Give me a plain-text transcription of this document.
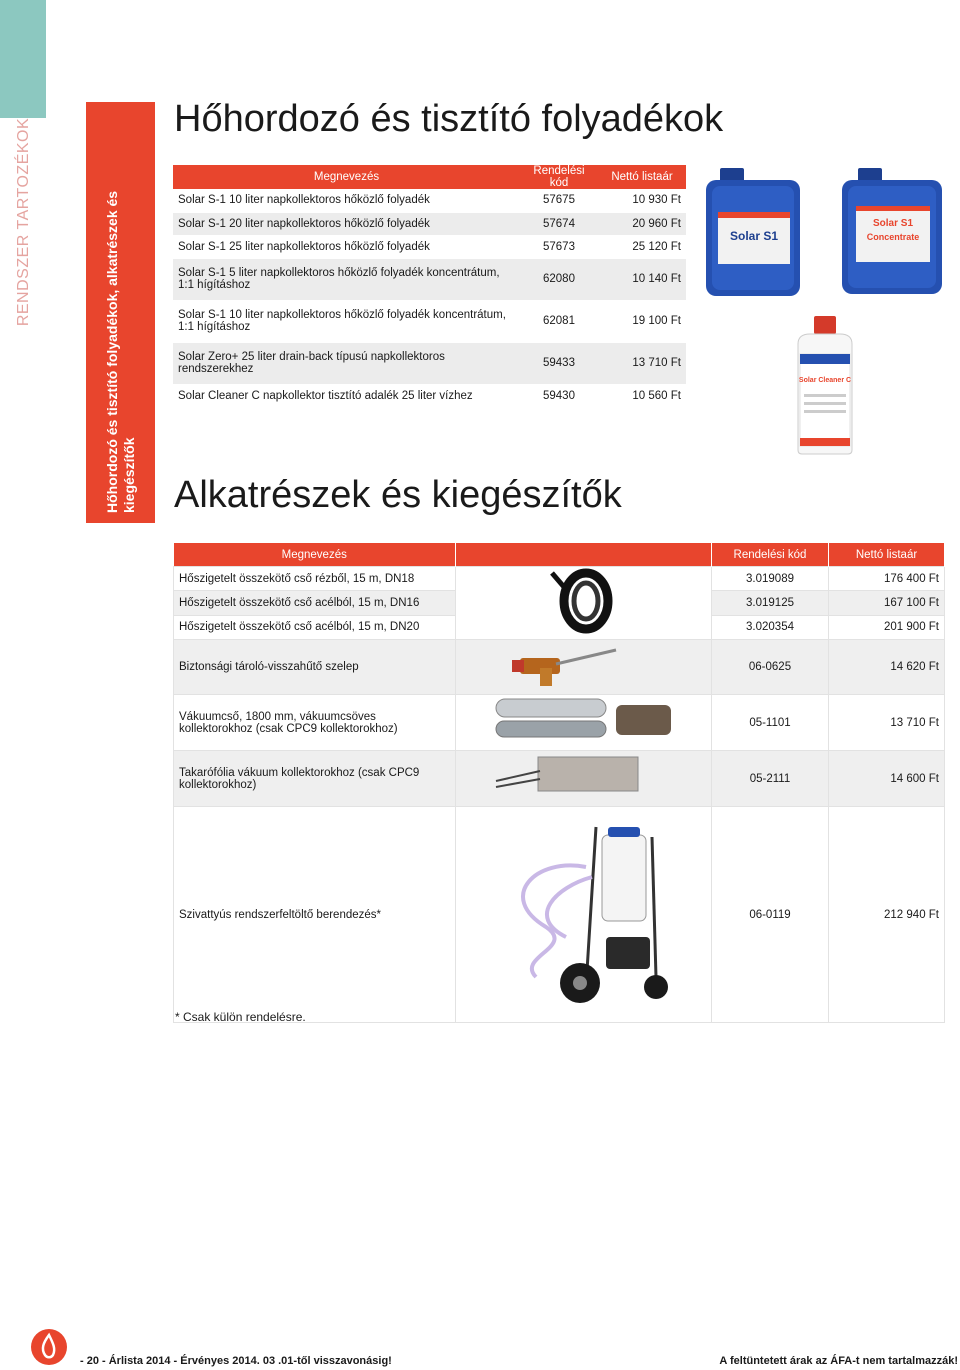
RENDSZER TARTOZÉKOK	Hőhordozó és tisztító folyadékok, alkatrészek és kiegészítők
Hőhordozó és tisztító folyadékok
Megnevezés	Rendelési kód	Nettó listaár
Solar S-1 10 liter napkollektoros hőközlő folyadék	57675	10 930 Ft
Solar S-1 20 liter napkollektoros hőközlő folyadék	57674	20 960 Ft
Solar S-1 25 liter napkollektoros hőközlő folyadék	57673	25 120 Ft
Solar S-1 5 liter napkollektoros hőközlő folyadék koncentrátum, 1:1 hígításhoz	62080	10 140 Ft
Solar S-1 10 liter napkollektoros hőközlő folyadék koncentrátum, 1:1 hígításhoz	62081	19 100 Ft
Solar Zero+ 25 liter drain-back típusú napkollektoros rendszerekhez	59433	13 710 Ft
Solar Cleaner C napkollektor tisztító adalék 25 liter vízhez	59430	10 560 Ft
Solar S1
Solar S1
Concentrate
Solar Cleaner C
Alkatrészek és kiegészítők
Megnevezés		Rendelési kód	Nettó listaár
Hőszigetelt összekötő cső rézből, 15 m, DN18		3.019089	176 400 Ft
Hőszigetelt összekötő cső acélból, 15 m, DN16		3.019125	167 100 Ft
Hőszigetelt összekötő cső acélból, 15 m, DN20		3.020354	201 900 Ft
Biztonsági tároló-visszahűtő szelep		06-0625	14 620 Ft
Vákuumcső, 1800 mm, vákuumcsöves kollektorokhoz (csak CPC9 kollektorokhoz)		05-1101	13 710 Ft
Takarófólia vákuum kollektorokhoz (csak CPC9 kollektorokhoz)		05-2111	14 600 Ft
Szivattyús rendszerfeltöltő berendezés*		06-0119	212 940 Ft
* Csak külön rendelésre.
- 20 - Árlista 2014 - Érvényes 2014. 03 .01-től visszavonásig!	A feltüntetett árak az ÁFA-t nem tartalmazzák!
